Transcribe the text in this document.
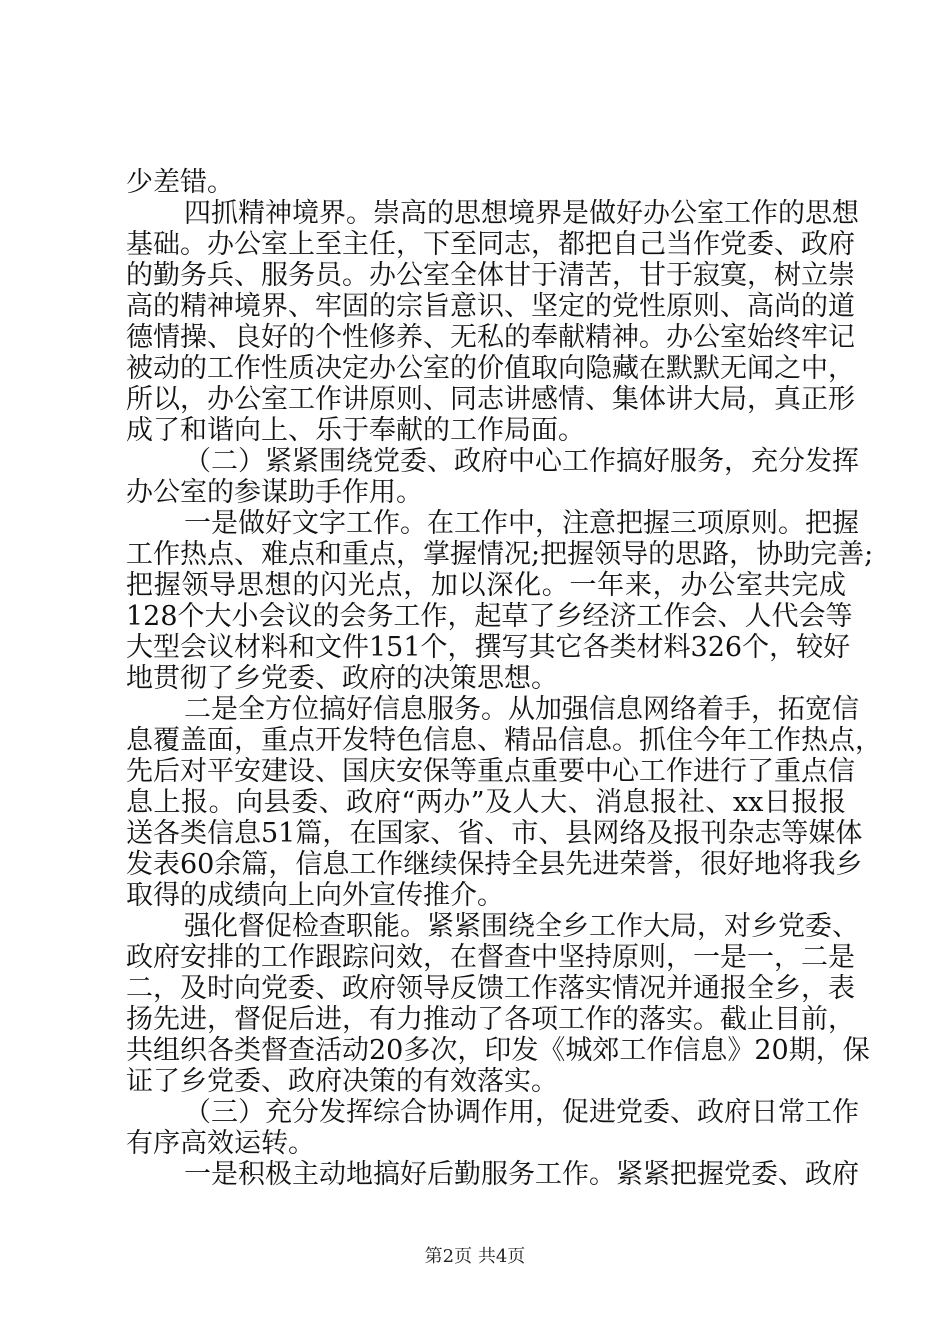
少差错。
四抓精神境界。崇高的思想境界是做好办公室工作的思想
基础。办公室上至主任，下至同志，都把自己当作党委、政府
的勤务兵、服务员。办公室全体甘于清苦，甘于寂寞，树立崇
高的精神境界、牢固的宗旨意识、坚定的党性原则、高尚的道
德情操、良好的个性修养、无私的奉献精神。办公室始终牢记
被动的工作性质决定办公室的价值取向隐藏在默默无闻之中，
所以，办公室工作讲原则、同志讲感情、集体讲大局，真正形
成了和谐向上、乐于奉献的工作局面。
（二）紧紧围绕党委、政府中心工作搞好服务，充分发挥
办公室的参谋助手作用。
一是做好文字工作。在工作中，注意把握三项原则。把握
工作热点、难点和重点，掌握情况;把握领导的思路，协助完善;
把握领导思想的闪光点，加以深化。一年来，办公室共完成
128个大小会议的会务工作，起草了乡经济工作会、人代会等
大型会议材料和文件151个，撰写其它各类材料326个，较好
地贯彻了乡党委、政府的决策思想。
二是全方位搞好信息服务。从加强信息网络着手，拓宽信
息覆盖面，重点开发特色信息、精品信息。抓住今年工作热点，
先后对平安建设、国庆安保等重点重要中心工作进行了重点信
息上报。向县委、政府“两办”及人大、消息报社、xx日报报
送各类信息51篇，在国家、省、市、县网络及报刊杂志等媒体
发表60余篇，信息工作继续保持全县先进荣誉，很好地将我乡
取得的成绩向上向外宣传推介。
强化督促检查职能。紧紧围绕全乡工作大局，对乡党委、
政府安排的工作跟踪问效，在督查中坚持原则，一是一，二是
二，及时向党委、政府领导反馈工作落实情况并通报全乡，表
扬先进，督促后进，有力推动了各项工作的落实。截止目前，
共组织各类督查活动20多次，印发《城郊工作信息》20期，保
证了乡党委、政府决策的有效落实。
（三）充分发挥综合协调作用，促进党委、政府日常工作
有序高效运转。
一是积极主动地搞好后勤服务工作。紧紧把握党委、政府
第2页 共4页
